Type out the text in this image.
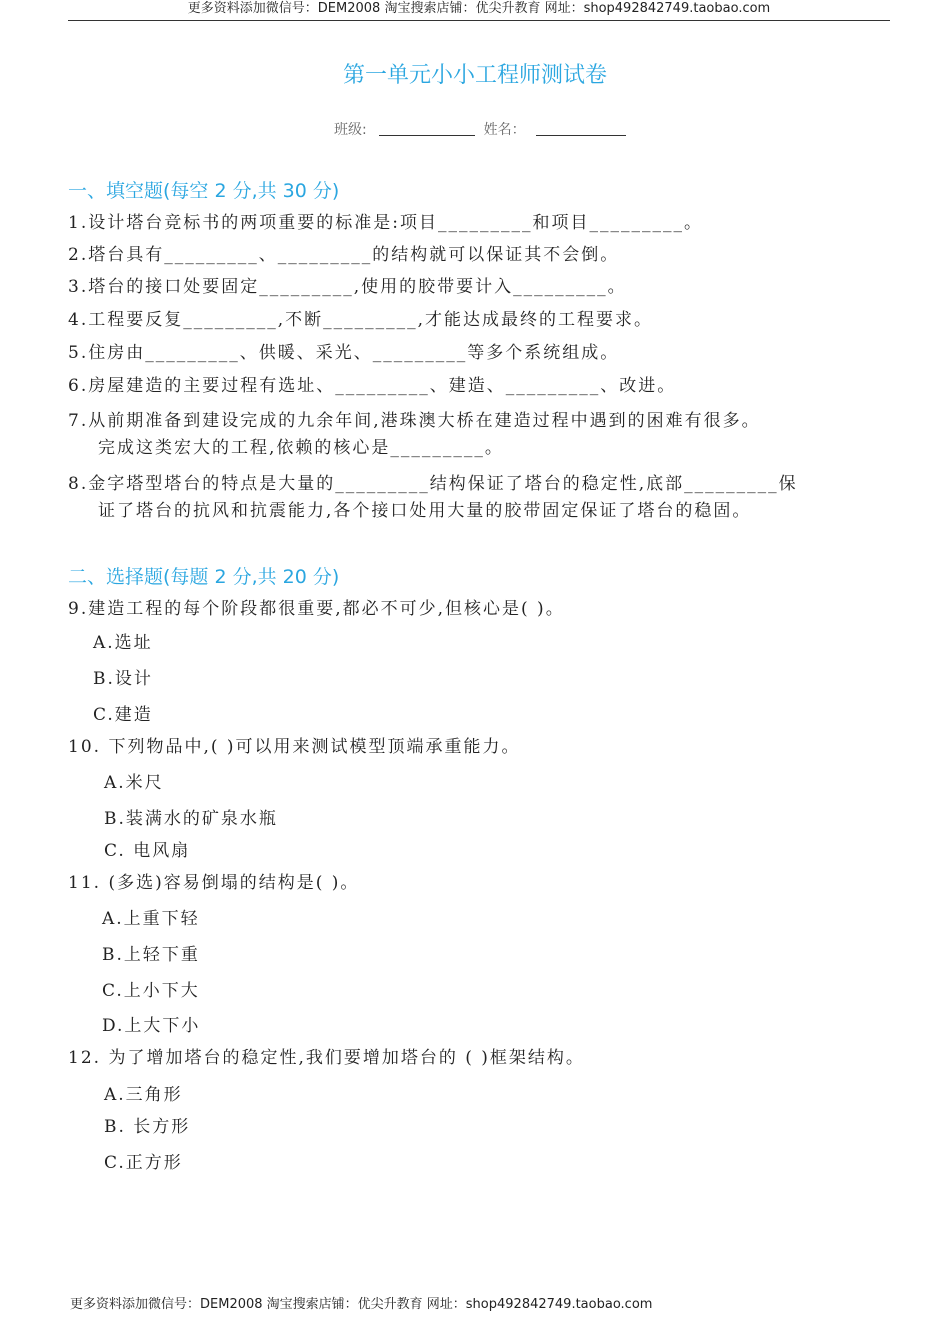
更多资料添加微信号：DEM2008 淘宝搜索店铺：优尖升教育 网址：shop492842749.taobao.com
第一单元小小工程师测试卷
班级:	姓名：
一、填空题(每空 2 分,共 30 分)
1.设计塔台竞标书的两项重要的标准是:项目_________和项目_________。
2.塔台具有_________、_________的结构就可以保证其不会倒。
3.塔台的接口处要固定_________,使用的胶带要计入_________。
4.工程要反复_________,不断_________,才能达成最终的工程要求。
5.住房由_________、供暖、采光、_________等多个系统组成。
6.房屋建造的主要过程有选址、_________、建造、_________、改进。
7.从前期准备到建设完成的九余年间,港珠澳大桥在建造过程中遇到的困难有很多。
完成这类宏大的工程,依赖的核心是_________。
8.金字塔型塔台的特点是大量的_________结构保证了塔台的稳定性,底部_________保
证了塔台的抗风和抗震能力,各个接口处用大量的胶带固定保证了塔台的稳固。
二、选择题(每题 2 分,共 20 分)
9.建造工程的每个阶段都很重要,都必不可少,但核心是( )。
A.选址
B.设计
C.建造
10. 下列物品中,( )可以用来测试模型顶端承重能力。
A.米尺
B.装满水的矿泉水瓶
C. 电风扇
11. (多选)容易倒塌的结构是( )。
A.上重下轻
B.上轻下重
C.上小下大
D.上大下小
12. 为了增加塔台的稳定性,我们要增加塔台的 ( )框架结构。
A.三角形
B. 长方形
C.正方形
更多资料添加微信号：DEM2008 淘宝搜索店铺：优尖升教育 网址：shop492842749.taobao.com
